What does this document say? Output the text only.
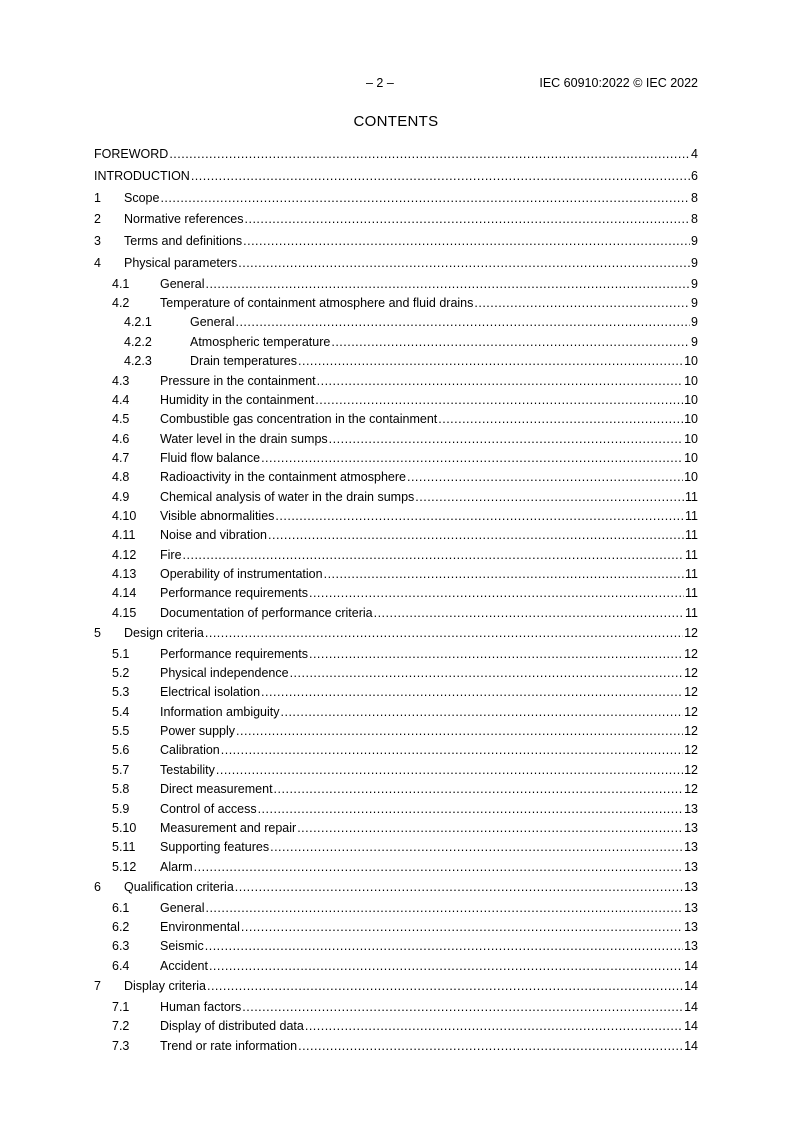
– 2 –	IEC 60910:2022 © IEC 2022
CONTENTS
FOREWORD .....	4
INTRODUCTION .....	6
1	Scope .....	8
2	Normative references .....	8
3	Terms and definitions .....	9
4	Physical parameters .....	9
4.1	General .....	9
4.2	Temperature of containment atmosphere and fluid drains .....	9
4.2.1	General .....	9
4.2.2	Atmospheric temperature .....	9
4.2.3	Drain temperatures .....	10
4.3	Pressure in the containment .....	10
4.4	Humidity in the containment .....	10
4.5	Combustible gas concentration in the containment .....	10
4.6	Water level in the drain sumps .....	10
4.7	Fluid flow balance .....	10
4.8	Radioactivity in the containment atmosphere .....	10
4.9	Chemical analysis of water in the drain sumps .....	11
4.10	Visible abnormalities .....	11
4.11	Noise and vibration .....	11
4.12	Fire .....	11
4.13	Operability of instrumentation .....	11
4.14	Performance requirements .....	11
4.15	Documentation of performance criteria .....	11
5	Design criteria .....	12
5.1	Performance requirements .....	12
5.2	Physical independence .....	12
5.3	Electrical isolation .....	12
5.4	Information ambiguity .....	12
5.5	Power supply .....	12
5.6	Calibration .....	12
5.7	Testability .....	12
5.8	Direct measurement .....	12
5.9	Control of access .....	13
5.10	Measurement and repair .....	13
5.11	Supporting features .....	13
5.12	Alarm .....	13
6	Qualification criteria .....	13
6.1	General .....	13
6.2	Environmental .....	13
6.3	Seismic .....	13
6.4	Accident .....	14
7	Display criteria .....	14
7.1	Human factors .....	14
7.2	Display of distributed data .....	14
7.3	Trend or rate information .....	14
